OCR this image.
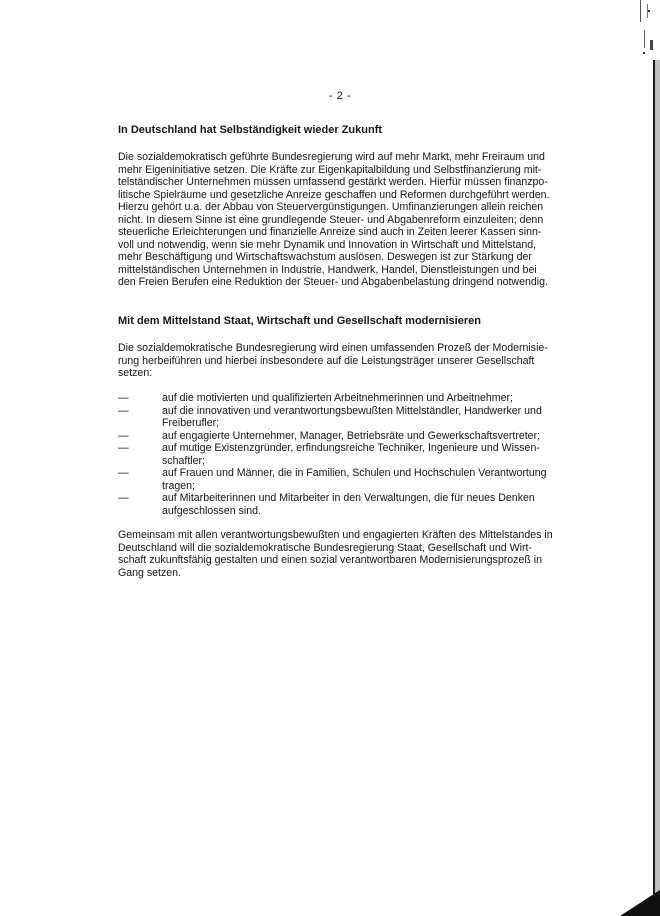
- 2 -
In Deutschland hat Selbständigkeit wieder Zukunft
Die sozialdemokratisch geführte Bundesregierung wird auf mehr Markt, mehr Freiraum und
mehr Eigeninitiative setzen. Die Kräfte zur Eigenkapitalbildung und Selbstfinanzierung mit-
telständischer Unternehmen müssen umfassend gestärkt werden. Hierfür müssen finanzpo-
litische Spielräume und gesetzliche Anreize geschaffen und Reformen durchgeführt werden.
Hierzu gehört u.a. der Abbau von Steuervergünstigungen. Umfinanzierungen allein reichen
nicht. In diesem Sinne ist eine grundlegende Steuer- und Abgabenreform einzuleiten; denn
steuerliche Erleichterungen und finanzielle Anreize sind auch in Zeiten leerer Kassen sinn-
voll und notwendig, wenn sie mehr Dynamik und Innovation in Wirtschaft und Mittelstand,
mehr Beschäftigung und Wirtschaftswachstum auslösen. Deswegen ist zur Stärkung der
mittelständischen Unternehmen in Industrie, Handwerk, Handel, Dienstleistungen und bei
den Freien Berufen eine Reduktion der Steuer- und Abgabenbelastung dringend notwendig.
Mit dem Mittelstand Staat, Wirtschaft und Gesellschaft modernisieren
Die sozialdemokratische Bundesregierung wird einen umfassenden Prozeß der Modernisie-
rung herbeiführen und hierbei insbesondere auf die Leistungsträger unserer Gesellschaft
setzen:
—	auf die motivierten und qualifizierten Arbeitnehmerinnen und Arbeitnehmer;
—	auf die innovativen und verantwortungsbewußten Mittelständler, Handwerker und
Freiberufler;
—	auf engagierte Unternehmer, Manager, Betriebsräte und Gewerkschaftsvertreter;
—	auf mutige Existenzgründer, erfindungsreiche Techniker, Ingenieure und Wissen-
schaftler;
—	auf Frauen und Männer, die in Familien, Schulen und Hochschulen Verantwortung
tragen;
—	auf Mitarbeiterinnen und Mitarbeiter in den Verwaltungen, die für neues Denken
aufgeschlossen sind.
Gemeinsam mit allen verantwortungsbewußten und engagierten Kräften des Mittelstandes in
Deutschland will die sozialdemokratische Bundesregierung Staat, Gesellschaft und Wirt-
schaft zukunftsfähig gestalten und einen sozial verantwortbaren Modernisierungsprozeß in
Gang setzen.
